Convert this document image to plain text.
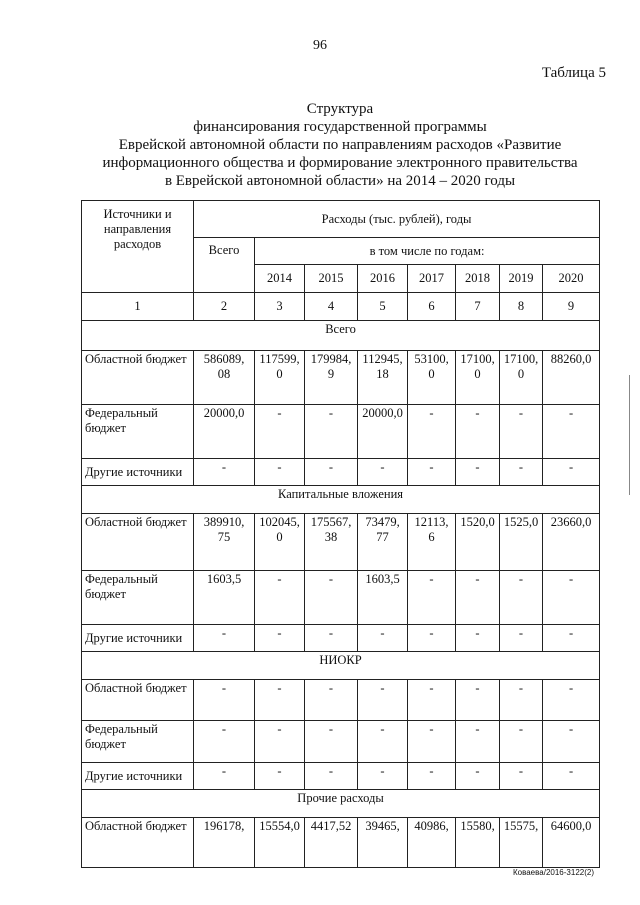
96
Таблица 5
Структура
финансирования государственной программы
Еврейской автономной области по направлениям расходов «Развитие
информационного общества и формирование электронного правительства
в Еврейской автономной области» на 2014 – 2020 годы
Источники и направления расходов	Расходы (тыс. рублей), годы							
	Всего	в том числе по годам:						
		2014	2015	2016	2017	2018	2019	2020
1	2	3	4	5	6	7	8	9
Всего								
Областной бюджет	586089, 08	117599, 0	179984, 9	112945, 18	53100, 0	17100, 0	17100, 0	88260,0
Федеральный бюджет	20000,0	-	-	20000,0	-	-	-	-
Другие источники	-	-	-	-	-	-	-	-
Капитальные вложения								
Областной бюджет	389910, 75	102045, 0	175567, 38	73479, 77	12113, 6	1520,0	1525,0	23660,0
Федеральный бюджет	1603,5	-	-	1603,5	-	-	-	-
Другие источники	-	-	-	-	-	-	-	-
НИОКР								
Областной бюджет	-	-	-	-	-	-	-	-
Федеральный бюджет	-	-	-	-	-	-	-	-
Другие источники	-	-	-	-	-	-	-	-
Прочие расходы								
Областной бюджет	196178,	15554,0	4417,52	39465,	40986,	15580,	15575,	64600,0
Коваева/2016-3122(2)
